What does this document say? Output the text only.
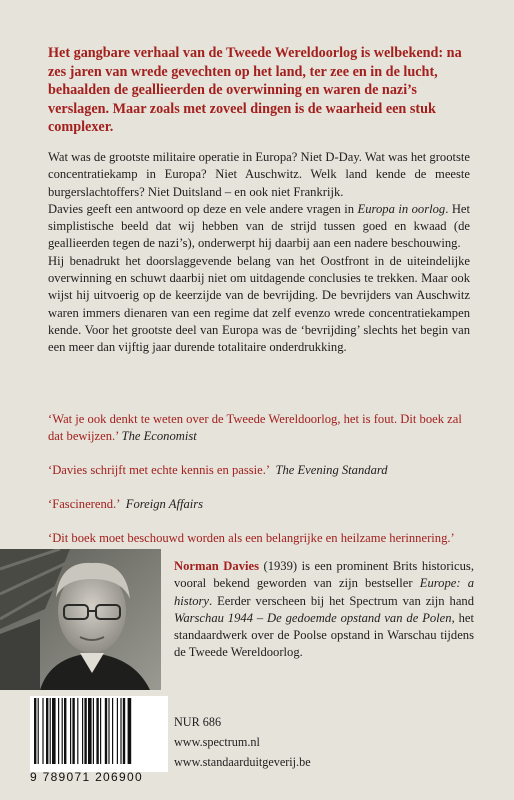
Het gangbare verhaal van de Tweede Wereldoorlog is welbekend: na zes jaren van wrede gevechten op het land, ter zee en in de lucht, behaalden de geallieerden de overwinning en waren de nazi’s verslagen. Maar zoals met zoveel dingen is de waarheid een stuk complexer.

Wat was de grootste militaire operatie in Europa? Niet D-Day. Wat was het grootste concentratiekamp in Europa? Niet Auschwitz. Welk land kende de meeste burgerslachtoffers? Niet Duitsland – en ook niet Frankrijk.

Davies geeft een antwoord op deze en vele andere vragen in Europa in oorlog. Het simplistische beeld dat wij hebben van de strijd tussen goed en kwaad (de geallieerden tegen de nazi’s), onderwerpt hij daarbij aan een nadere beschouwing.

Hij benadrukt het doorslaggevende belang van het Oostfront in de uiteindelijke overwinning en schuwt daarbij niet om uitdagende conclusies te trekken. Maar ook wijst hij uitvoerig op de keerzijde van de bevrijding. De bevrijders van Auschwitz waren immers dienaren van een regime dat zelf evenzo wrede concentratiekampen kende. Voor het grootste deel van Europa was de ‘bevrijding’ slechts het begin van een meer dan vijftig jaar durende totalitaire onderdrukking.

‘Wat je ook denkt te weten over de Tweede Wereldoorlog, het is fout. Dit boek zal dat bewijzen.’ The Economist

‘Davies schrijft met echte kennis en passie.’ The Evening Standard

‘Fascinerend.’ Foreign Affairs

‘Dit boek moet beschouwd worden als een belangrijke en heilzame herinnering.’

Norman Davies (1939) is een prominent Brits historicus, vooral bekend geworden van zijn bestseller Europe: a history. Eerder verscheen bij het Spectrum van zijn hand Warschau 1944 – De gedoemde opstand van de Polen, het standaardwerk over de Poolse opstand in Warschau tijdens de Tweede Wereldoorlog.

9 789071 206900
NUR 686
www.spectrum.nl
www.standaarduitgeverij.be
